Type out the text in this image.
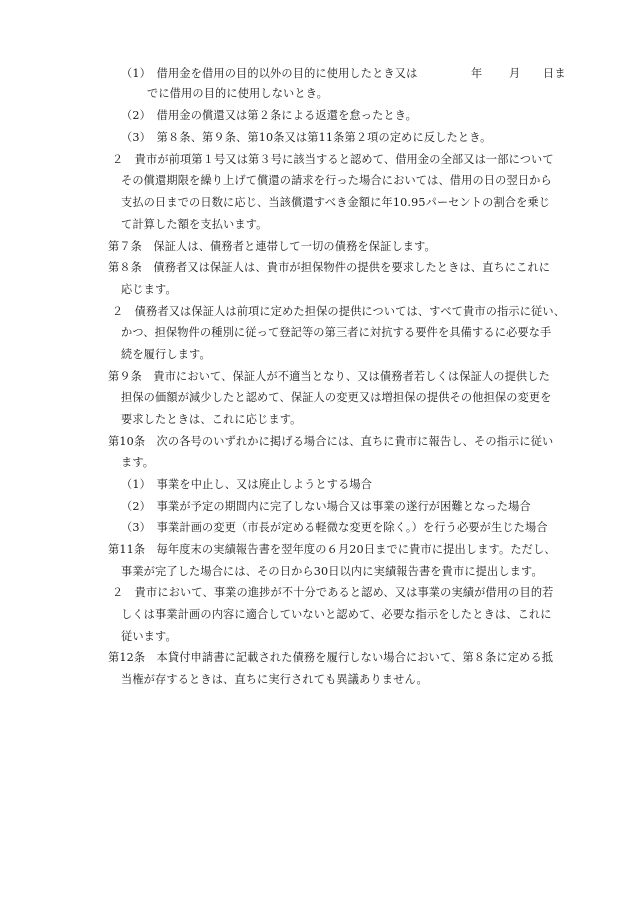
（1）　借用金を借用の目的以外の目的に使用したとき又は	年 月 日ま
でに借用の目的に使用しないとき。
（2）　借用金の償還又は第２条による返還を怠ったとき。
（3）　第８条、第９条、第10条又は第11条第２項の定めに反したとき。
２　貴市が前項第１号又は第３号に該当すると認めて、借用金の全部又は一部について
その償還期限を繰り上げて償還の請求を行った場合においては、借用の日の翌日から
支払の日までの日数に応じ、当該償還すべき金額に年10.95パーセントの割合を乗じ
て計算した額を支払います。
第７条　保証人は、債務者と連帯して一切の債務を保証します。
第８条　債務者又は保証人は、貴市が担保物件の提供を要求したときは、直ちにこれに
応じます。
２　債務者又は保証人は前項に定めた担保の提供については、すべて貴市の指示に従い、
かつ、担保物件の種別に従って登記等の第三者に対抗する要件を具備するに必要な手
続を履行します。
第９条　貴市において、保証人が不適当となり、又は債務者若しくは保証人の提供した
担保の価額が減少したと認めて、保証人の変更又は増担保の提供その他担保の変更を
要求したときは、これに応じます。
第10条　次の各号のいずれかに掲げる場合には、直ちに貴市に報告し、その指示に従い
ます。
（1）　事業を中止し、又は廃止しようとする場合
（2）　事業が予定の期間内に完了しない場合又は事業の遂行が困難となった場合
（3）　事業計画の変更（市長が定める軽微な変更を除く。）を行う必要が生じた場合
第11条　毎年度末の実績報告書を翌年度の６月20日までに貴市に提出します。ただし、
事業が完了した場合には、その日から30日以内に実績報告書を貴市に提出します。
２　貴市において、事業の進捗が不十分であると認め、又は事業の実績が借用の目的若
しくは事業計画の内容に適合していないと認めて、必要な指示をしたときは、これに
従います。
第12条　本貸付申請書に記載された債務を履行しない場合において、第８条に定める抵
当権が存するときは、直ちに実行されても異議ありません。
